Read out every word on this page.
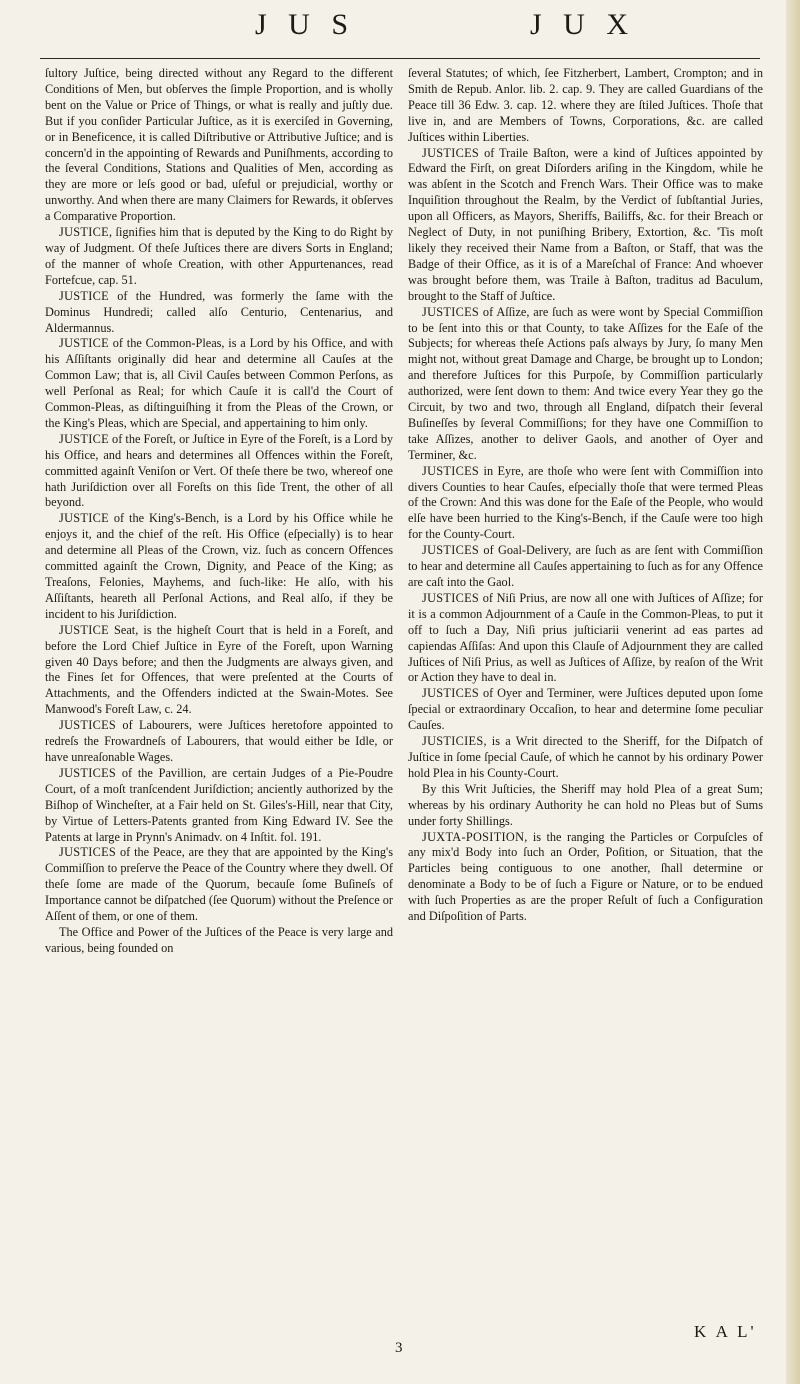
J U S	J U X

ſultory Juſtice, being directed without any Regard to the different Conditions of Men, but obſerves the ſimple Proportion, and is wholly bent on the Value or Price of Things, or what is really and juſtly due. But if you conſider Particular Juſtice, as it is exerciſed in Governing, or in Beneficence, it is called Diſtributive or Attributive Juſtice; and is concern'd in the appointing of Rewards and Puniſhments, according to the ſeveral Conditions, Stations and Qualities of Men, according as they are more or leſs good or bad, uſeful or prejudicial, worthy or unworthy. And when there are many Claimers for Rewards, it obſerves a Comparative Proportion.

JUSTICE, ſignifies him that is deputed by the King to do Right by way of Judgment. Of theſe Juſtices there are divers Sorts in England; of the manner of whoſe Creation, with other Appurtenances, read Fortefcue, cap. 51.

JUSTICE of the Hundred, was formerly the ſame with the Dominus Hundredi; called alſo Centurio, Centenarius, and Aldermannus.

JUSTICE of the Common-Pleas, is a Lord by his Office, and with his Aſſiſtants originally did hear and determine all Cauſes at the Common Law; that is, all Civil Cauſes between Common Perſons, as well Perſonal as Real; for which Cauſe it is call'd the Court of Common-Pleas, as diſtinguiſhing it from the Pleas of the Crown, or the King's Pleas, which are Special, and appertaining to him only.

JUSTICE of the Foreſt, or Juſtice in Eyre of the Foreſt, is a Lord by his Office, and hears and determines all Offences within the Foreſt, committed againſt Veniſon or Vert. Of theſe there be two, whereof one hath Juriſdiction over all Foreſts on this ſide Trent, the other of all beyond.

JUSTICE of the King's-Bench, is a Lord by his Office while he enjoys it, and the chief of the reſt. His Office (eſpecially) is to hear and determine all Pleas of the Crown, viz. ſuch as concern Offences committed againſt the Crown, Dignity, and Peace of the King; as Treaſons, Felonies, Mayhems, and ſuch-like: He alſo, with his Aſſiſtants, heareth all Perſonal Actions, and Real alſo, if they be incident to his Juriſdiction.

JUSTICE Seat, is the higheſt Court that is held in a Foreſt, and before the Lord Chief Juſtice in Eyre of the Foreſt, upon Warning given 40 Days before; and then the Judgments are always given, and the Fines ſet for Offences, that were preſented at the Courts of Attachments, and the Offenders indicted at the Swain-Motes. See Manwood's Foreſt Law, c. 24.

JUSTICES of Labourers, were Juſtices heretofore appointed to redreſs the Frowardneſs of Labourers, that would either be Idle, or have unreaſonable Wages.

JUSTICES of the Pavillion, are certain Judges of a Pie-Poudre Court, of a moſt tranſcendent Juriſdiction; anciently authorized by the Biſhop of Wincheſter, at a Fair held on St. Giles's-Hill, near that City, by Virtue of Letters-Patents granted from King Edward IV. See the Patents at large in Prynn's Animadv. on 4 Inſtit. fol. 191.

JUSTICES of the Peace, are they that are appointed by the King's Commiſſion to preſerve the Peace of the Country where they dwell. Of theſe ſome are made of the Quorum, becauſe ſome Buſineſs of Importance cannot be diſpatched (ſee Quorum) without the Preſence or Aſſent of them, or one of them.

The Office and Power of the Juſtices of the Peace is very large and various, being founded on

ſeveral Statutes; of which, ſee Fitzherbert, Lambert, Crompton; and in Smith de Repub. Anlor. lib. 2. cap. 9. They are called Guardians of the Peace till 36 Edw. 3. cap. 12. where they are ſtiled Juſtices. Thoſe that live in, and are Members of Towns, Corporations, &c. are called Juſtices within Liberties.

JUSTICES of Traile Baſton, were a kind of Juſtices appointed by Edward the Firſt, on great Diſorders ariſing in the Kingdom, while he was abſent in the Scotch and French Wars. Their Office was to make Inquiſition throughout the Realm, by the Verdict of ſubſtantial Juries, upon all Officers, as Mayors, Sheriffs, Bailiffs, &c. for their Breach or Neglect of Duty, in not puniſhing Bribery, Extortion, &c. 'Tis moſt likely they received their Name from a Baſton, or Staff, that was the Badge of their Office, as it is of a Mareſchal of France: And whoever was brought before them, was Traile à Baſton, traditus ad Baculum, brought to the Staff of Juſtice.

JUSTICES of Aſſize, are ſuch as were wont by Special Commiſſion to be ſent into this or that County, to take Aſſizes for the Eaſe of the Subjects; for whereas theſe Actions paſs always by Jury, ſo many Men might not, without great Damage and Charge, be brought up to London; and therefore Juſtices for this Purpoſe, by Commiſſion particularly authorized, were ſent down to them: And twice every Year they go the Circuit, by two and two, through all England, diſpatch their ſeveral Buſineſſes by ſeveral Commiſſions; for they have one Commiſſion to take Aſſizes, another to deliver Gaols, and another of Oyer and Terminer, &c.

JUSTICES in Eyre, are thoſe who were ſent with Commiſſion into divers Counties to hear Cauſes, eſpecially thoſe that were termed Pleas of the Crown: And this was done for the Eaſe of the People, who would elſe have been hurried to the King's-Bench, if the Cauſe were too high for the County-Court.

JUSTICES of Goal-Delivery, are ſuch as are ſent with Commiſſion to hear and determine all Cauſes appertaining to ſuch as for any Offence are caſt into the Gaol.

JUSTICES of Niſi Prius, are now all one with Juſtices of Aſſize; for it is a common Adjournment of a Cauſe in the Common-Pleas, to put it off to ſuch a Day, Niſi prius juſticiarii venerint ad eas partes ad capiendas Aſſiſas: And upon this Clauſe of Adjournment they are called Juſtices of Niſi Prius, as well as Juſtices of Aſſize, by reaſon of the Writ or Action they have to deal in.

JUSTICES of Oyer and Terminer, were Juſtices deputed upon ſome ſpecial or extraordinary Occaſion, to hear and determine ſome peculiar Cauſes.

JUSTICIES, is a Writ directed to the Sheriff, for the Diſpatch of Juſtice in ſome ſpecial Cauſe, of which he cannot by his ordinary Power hold Plea in his County-Court.

By this Writ Juſticies, the Sheriff may hold Plea of a great Sum; whereas by his ordinary Authority he can hold no Pleas but of Sums under forty Shillings.

JUXTA-POSITION, is the ranging the Particles or Corpuſcles of any mix'd Body into ſuch an Order, Poſition, or Situation, that the Particles being contiguous to one another, ſhall determine or denominate a Body to be of ſuch a Figure or Nature, or to be endued with ſuch Properties as are the proper Reſult of ſuch a Configuration and Diſpoſition of Parts.

K A L'
3
